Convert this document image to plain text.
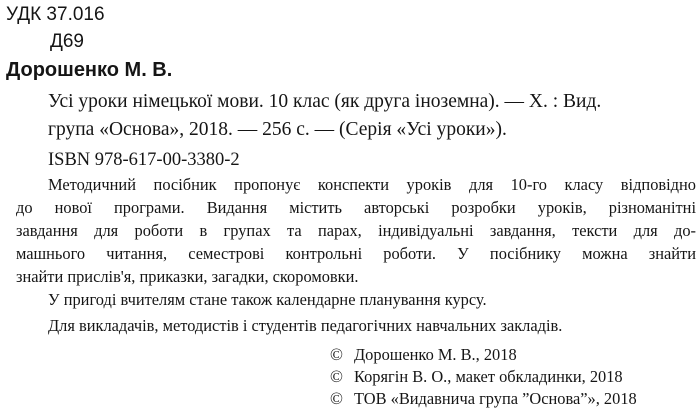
УДК 37.016

Д69

Дорошенко М. В.

Усі уроки німецької мови. 10 клас (як друга іноземна). — Х. : Вид.

група «Основа», 2018. — 256 с. — (Серія «Усі уроки»).

ISBN 978-617-00-3380-2

Методичний посібник пропонує конспекти уроків для 10-го класу відповідно

до нової програми. Видання містить авторські розробки уроків, різноманітні

завдання для роботи в групах та парах, індивідуальні завдання, тексти для до-

машнього читання, семестрові контрольні роботи. У посібнику можна знайти

знайти прислів'я, приказки, загадки, скоромовки.

У пригоді вчителям стане також календарне планування курсу.

Для викладачів, методистів і студентів педагогічних навчальних закладів.

© Дорошенко М. В., 2018
© Корягін В. О., макет обкладинки, 2018
© ТОВ «Видавнича група ”Основа”», 2018
